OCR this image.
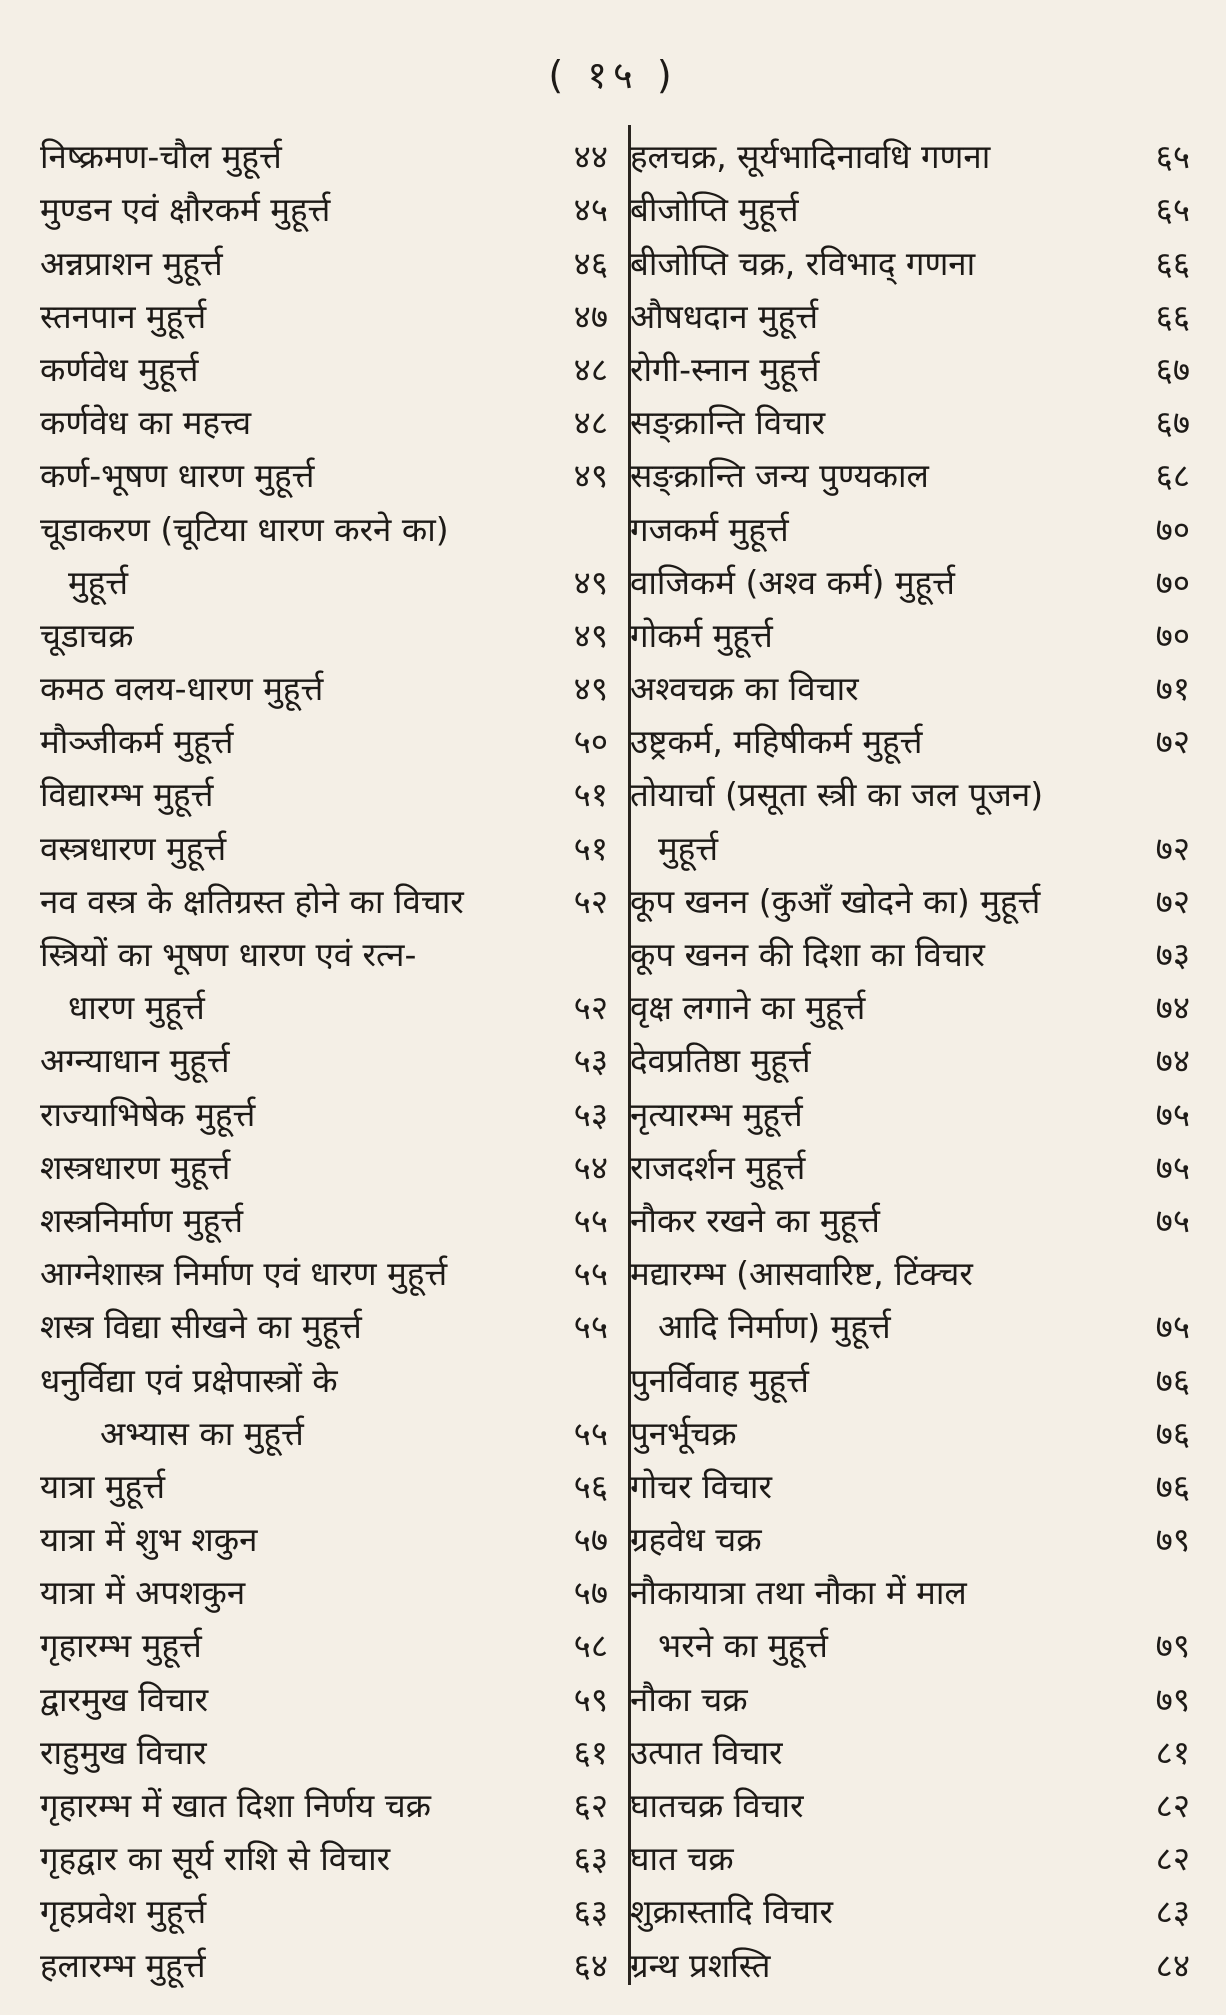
( १५ )
निष्क्रमण-चौल मुहूर्त्त	४४
मुण्डन एवं क्षौरकर्म मुहूर्त्त	४५
अन्नप्राशन मुहूर्त्त	४६
स्तनपान मुहूर्त्त	४७
कर्णवेध मुहूर्त्त	४८
कर्णवेध का महत्त्व	४८
कर्ण-भूषण धारण मुहूर्त्त	४९
चूडाकरण (चूटिया धारण करने का)
मुहूर्त्त	४९
चूडाचक्र	४९
कमठ वलय-धारण मुहूर्त्त	४९
मौञ्जीकर्म मुहूर्त्त	५०
विद्यारम्भ मुहूर्त्त	५१
वस्त्रधारण मुहूर्त्त	५१
नव वस्त्र के क्षतिग्रस्त होने का विचार	५२
स्त्रियों का भूषण धारण एवं रत्न-
धारण मुहूर्त्त	५२
अग्न्याधान मुहूर्त्त	५३
राज्याभिषेक मुहूर्त्त	५३
शस्त्रधारण मुहूर्त्त	५४
शस्त्रनिर्माण मुहूर्त्त	५५
आग्नेशास्त्र निर्माण एवं धारण मुहूर्त्त	५५
शस्त्र विद्या सीखने का मुहूर्त्त	५५
धनुर्विद्या एवं प्रक्षेपास्त्रों के
अभ्यास का मुहूर्त्त	५५
यात्रा मुहूर्त्त	५६
यात्रा में शुभ शकुन	५७
यात्रा में अपशकुन	५७
गृहारम्भ मुहूर्त्त	५८
द्वारमुख विचार	५९
राहुमुख विचार	६१
गृहारम्भ में खात दिशा निर्णय चक्र	६२
गृहद्वार का सूर्य राशि से विचार	६३
गृहप्रवेश मुहूर्त्त	६३
हलारम्भ मुहूर्त्त	६४
हलचक्र, सूर्यभादिनावधि गणना	६५
बीजोप्ति मुहूर्त्त	६५
बीजोप्ति चक्र, रविभाद् गणना	६६
औषधदान मुहूर्त्त	६६
रोगी-स्नान मुहूर्त्त	६७
सङ्क्रान्ति विचार	६७
सङ्क्रान्ति जन्य पुण्यकाल	६८
गजकर्म मुहूर्त्त	७०
वाजिकर्म (अश्व कर्म) मुहूर्त्त	७०
गोकर्म मुहूर्त्त	७०
अश्वचक्र का विचार	७१
उष्ट्रकर्म, महिषीकर्म मुहूर्त्त	७२
तोयार्चा (प्रसूता स्त्री का जल पूजन)
मुहूर्त्त	७२
कूप खनन (कुआँ खोदने का) मुहूर्त्त	७२
कूप खनन की दिशा का विचार	७३
वृक्ष लगाने का मुहूर्त्त	७४
देवप्रतिष्ठा मुहूर्त्त	७४
नृत्यारम्भ मुहूर्त्त	७५
राजदर्शन मुहूर्त्त	७५
नौकर रखने का मुहूर्त्त	७५
मद्यारम्भ (आसवारिष्ट, टिंक्चर
आदि निर्माण) मुहूर्त्त	७५
पुनर्विवाह मुहूर्त्त	७६
पुनर्भूचक्र	७६
गोचर विचार	७६
ग्रहवेध चक्र	७९
नौकायात्रा तथा नौका में माल
भरने का मुहूर्त्त	७९
नौका चक्र	७९
उत्पात विचार	८१
घातचक्र विचार	८२
घात चक्र	८२
शुक्रास्तादि विचार	८३
ग्रन्थ प्रशस्ति	८४
